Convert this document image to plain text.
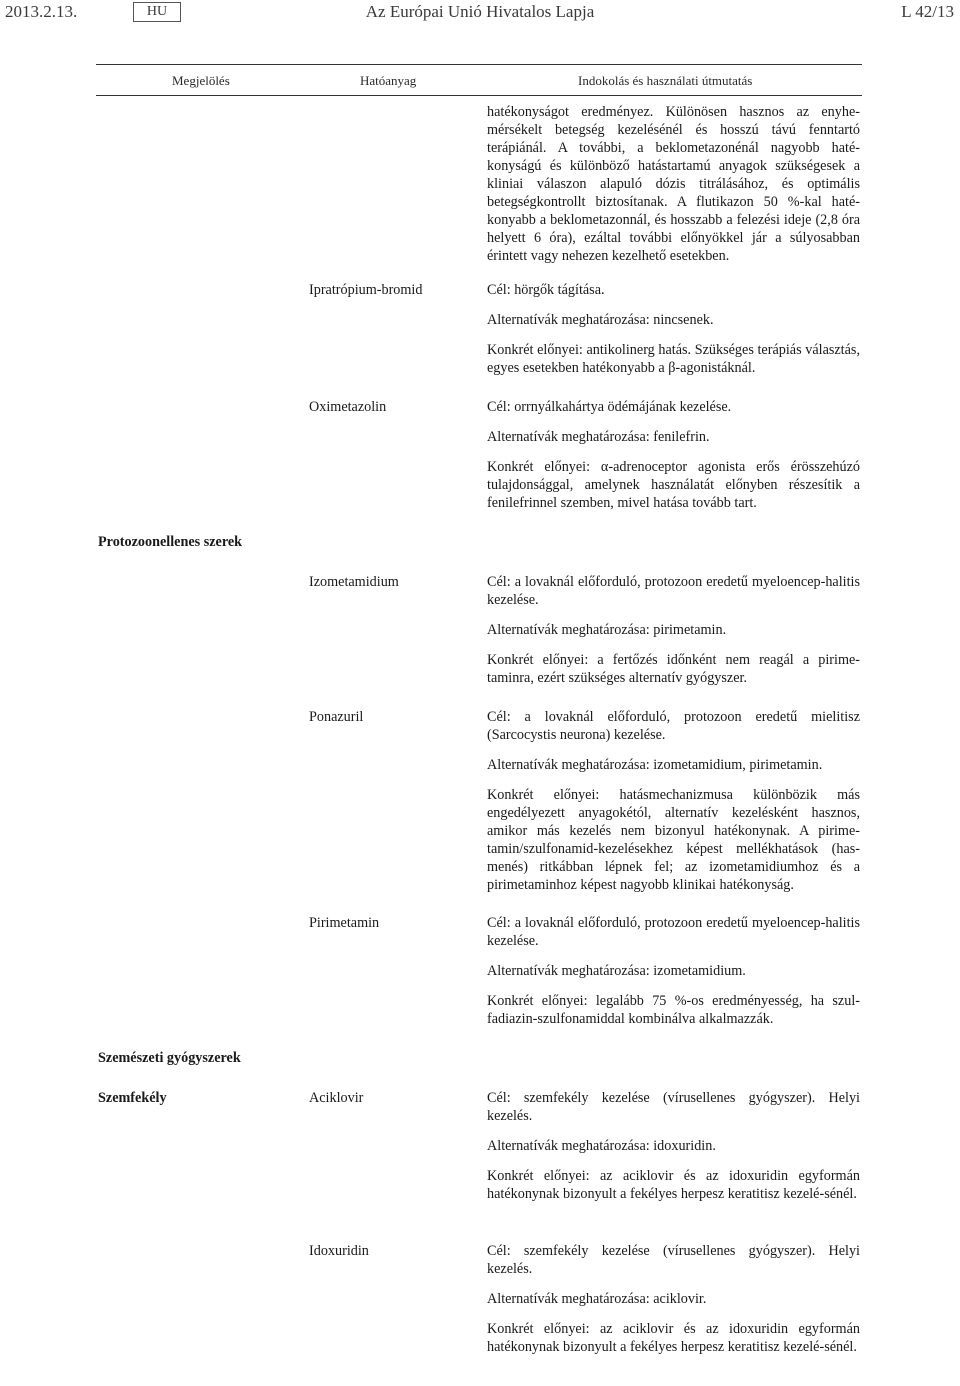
2013.2.13.	HU	Az Európai Unió Hivatalos Lapja	L 42/13
Megjelölés	Hatóanyag	Indokolás és használati útmutatás

hatékonyságot eredményez. Különösen hasznos az enyhe-mérsékelt betegség kezelésénél és hosszú távú fenntartó terápiánál. A további, a beklometazonénál nagyobb haté-konyságú és különböző hatástartamú anyagok szükségesek a kliniai válaszon alapuló dózis titrálásához, és optimális betegségkontrollt biztosítanak. A flutikazon 50 %-kal haté-konyabb a beklometazonnál, és hosszabb a felezési ideje (2,8 óra helyett 6 óra), ezáltal további előnyökkel jár a súlyosabban érintett vagy nehezen kezelhető esetekben.

Ipratrópium-bromid	Cél: hörgők tágítása.

Alternatívák meghatározása: nincsenek.

Konkrét előnyei: antikolinerg hatás. Szükséges terápiás választás, egyes esetekben hatékonyabb a β-agonistáknál.

Oximetazolin	Cél: orrnyálkahártya ödémájának kezelése.

Alternatívák meghatározása: fenilefrin.

Konkrét előnyei: α-adrenoceptor agonista erős érösszehúzó tulajdonsággal, amelynek használatát előnyben részesítik a fenilefrinnel szemben, mivel hatása tovább tart.

Protozoonellenes szerek
Izometamidium	Cél: a lovaknál előforduló, protozoon eredetű myeloencep-halitis kezelése.

Alternatívák meghatározása: pirimetamin.

Konkrét előnyei: a fertőzés időnként nem reagál a pirime-taminra, ezért szükséges alternatív gyógyszer.

Ponazuril	Cél: a lovaknál előforduló, protozoon eredetű mielitisz (Sarcocystis neurona) kezelése.

Alternatívák meghatározása: izometamidium, pirimetamin.

Konkrét előnyei: hatásmechanizmusa különbözik más engedélyezett anyagokétól, alternatív kezelésként hasznos, amikor más kezelés nem bizonyul hatékonynak. A pirime-tamin/szulfonamid-kezelésekhez képest mellékhatások (has-menés) ritkábban lépnek fel; az izometamidiumhoz és a pirimetaminhoz képest nagyobb klinikai hatékonyság.

Pirimetamin	Cél: a lovaknál előforduló, protozoon eredetű myeloencep-halitis kezelése.

Alternatívák meghatározása: izometamidium.

Konkrét előnyei: legalább 75 %-os eredményesség, ha szul-fadiazin-szulfonamiddal kombinálva alkalmazzák.

Szemészeti gyógyszerek
Szemfekély	Aciklovir	Cél: szemfekély kezelése (vírusellenes gyógyszer). Helyi kezelés.

Alternatívák meghatározása: idoxuridin.

Konkrét előnyei: az aciklovir és az idoxuridin egyformán hatékonynak bizonyult a fekélyes herpesz keratitisz kezelé-sénél.

Idoxuridin	Cél: szemfekély kezelése (vírusellenes gyógyszer). Helyi kezelés.

Alternatívák meghatározása: aciklovir.

Konkrét előnyei: az aciklovir és az idoxuridin egyformán hatékonynak bizonyult a fekélyes herpesz keratitisz kezelé-sénél.
